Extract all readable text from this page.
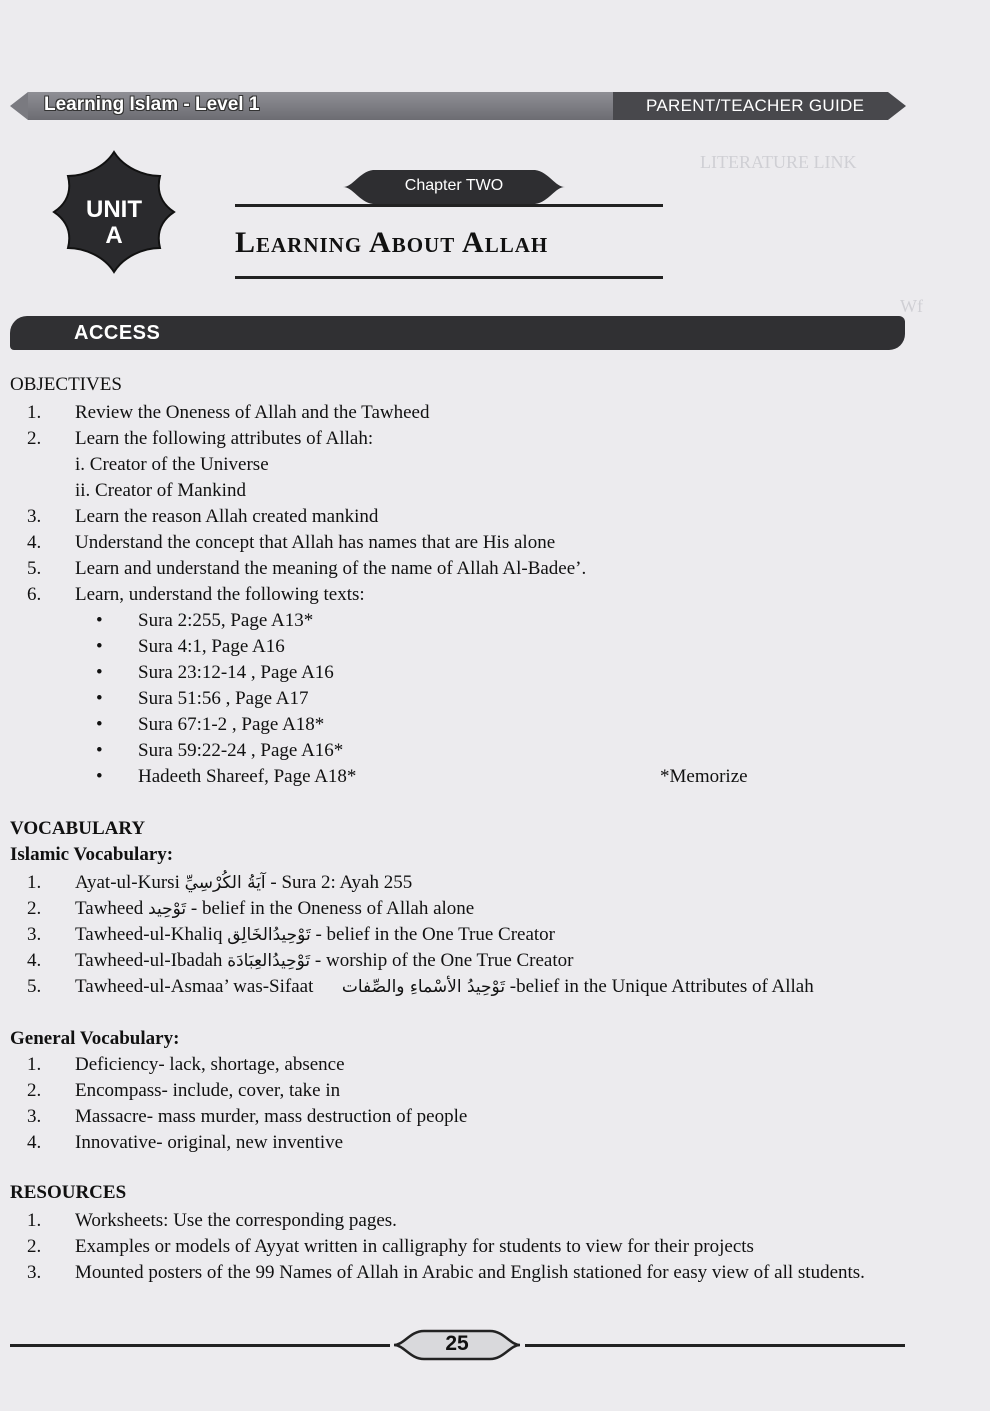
LITERATURE LINK
Wf
Learning Islam - Level 1	PARENT/TEACHER GUIDE
UNIT
A
Chapter TWO
Learning About Allah
ACCESS
OBJECTIVES
1.	Review the Oneness of Allah and the Tawheed
2.	Learn the following attributes of Allah:
i. Creator of the Universe
ii. Creator of Mankind
3.	Learn the reason Allah created mankind
4.	Understand the concept that Allah has names that are His alone
5.	Learn and understand the meaning of the name of Allah Al-Badee’.
6.	Learn, understand the following texts:
•	Sura 2:255, Page A13*
•	Sura 4:1, Page A16
•	Sura 23:12-14 , Page A16
•	Sura 51:56 , Page A17
•	Sura 67:1-2 , Page A18*
•	Sura 59:22-24 , Page A16*
•	Hadeeth Shareef, Page A18*	*Memorize
VOCABULARY
Islamic Vocabulary:
1.	Ayat-ul-Kursi آيَةُ الكُرْسِيِّ - Sura 2: Ayah 255
2.	Tawheed تَوْحِيد - belief in the Oneness of Allah alone
3.	Tawheed-ul-Khaliq تَوْحِيدُالخَالِق - belief in the One True Creator
4.	Tawheed-ul-Ibadah تَوْحِيدُالعِبَادَة - worship of the One True Creator
5.	Tawheed-ul-Asmaa’ was-Sifaat تَوْحِيدُ الأسْماءِ والصِّفات -belief in the Unique Attributes of Allah
General Vocabulary:
1.	Deficiency- lack, shortage, absence
2.	Encompass- include, cover, take in
3.	Massacre- mass murder, mass destruction of people
4.	Innovative- original, new inventive
RESOURCES
1.	Worksheets: Use the corresponding pages.
2.	Examples or models of Ayyat written in calligraphy for students to view for their projects
3.	Mounted posters of the 99 Names of Allah in Arabic and English stationed for easy view of all students.
25
